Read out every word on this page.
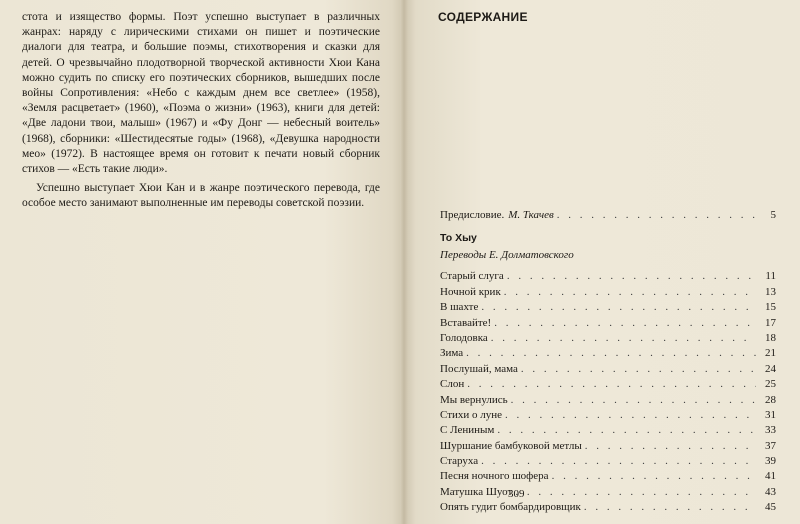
стота и изящество формы. Поэт успешно выступает в различных жанрах: наряду с лирическими стихами он пишет и поэтические диалоги для театра, и большие поэмы, стихотворения и сказки для детей. О чрезвычайно плодотворной творческой активности Хюи Кана можно судить по списку его поэтических сборников, вышедших после войны Сопротивления: «Небо с каждым днем все светлее» (1958), «Земля расцветает» (1960), «Поэма о жизни» (1963), книги для детей: «Две ладони твои, малыш» (1967) и «Фу Донг — небесный воитель» (1968), сборники: «Шестидесятые годы» (1968), «Девушка народности мео» (1972). В настоящее время он готовит к печати новый сборник стихов — «Есть такие люди».

Успешно выступает Хюи Кан и в жанре поэтического перевода, где особое место занимают выполненные им переводы советской поэзии.

СОДЕРЖАНИЕ
Предисловие. М. Ткачев . . .	5
То Хыу
Переводы Е. Долматовского
Старый слуга . . .	11
Ночной крик . . .	13
В шахте . . .	15
Вставайте! . . .	17
Голодовка . . .	18
Зима . . .	21
Послушай, мама . . .	24
Слон . . .	25
Мы вернулись . . .	28
Стихи о луне . . .	31
С Лениным . . .	33
Шуршание бамбуковой метлы . . .	37
Старуха . . .	39
Песня ночного шофера . . .	41
Матушка Шуот . . .	43
Опять гудит бомбардировщик . . .	45
309
